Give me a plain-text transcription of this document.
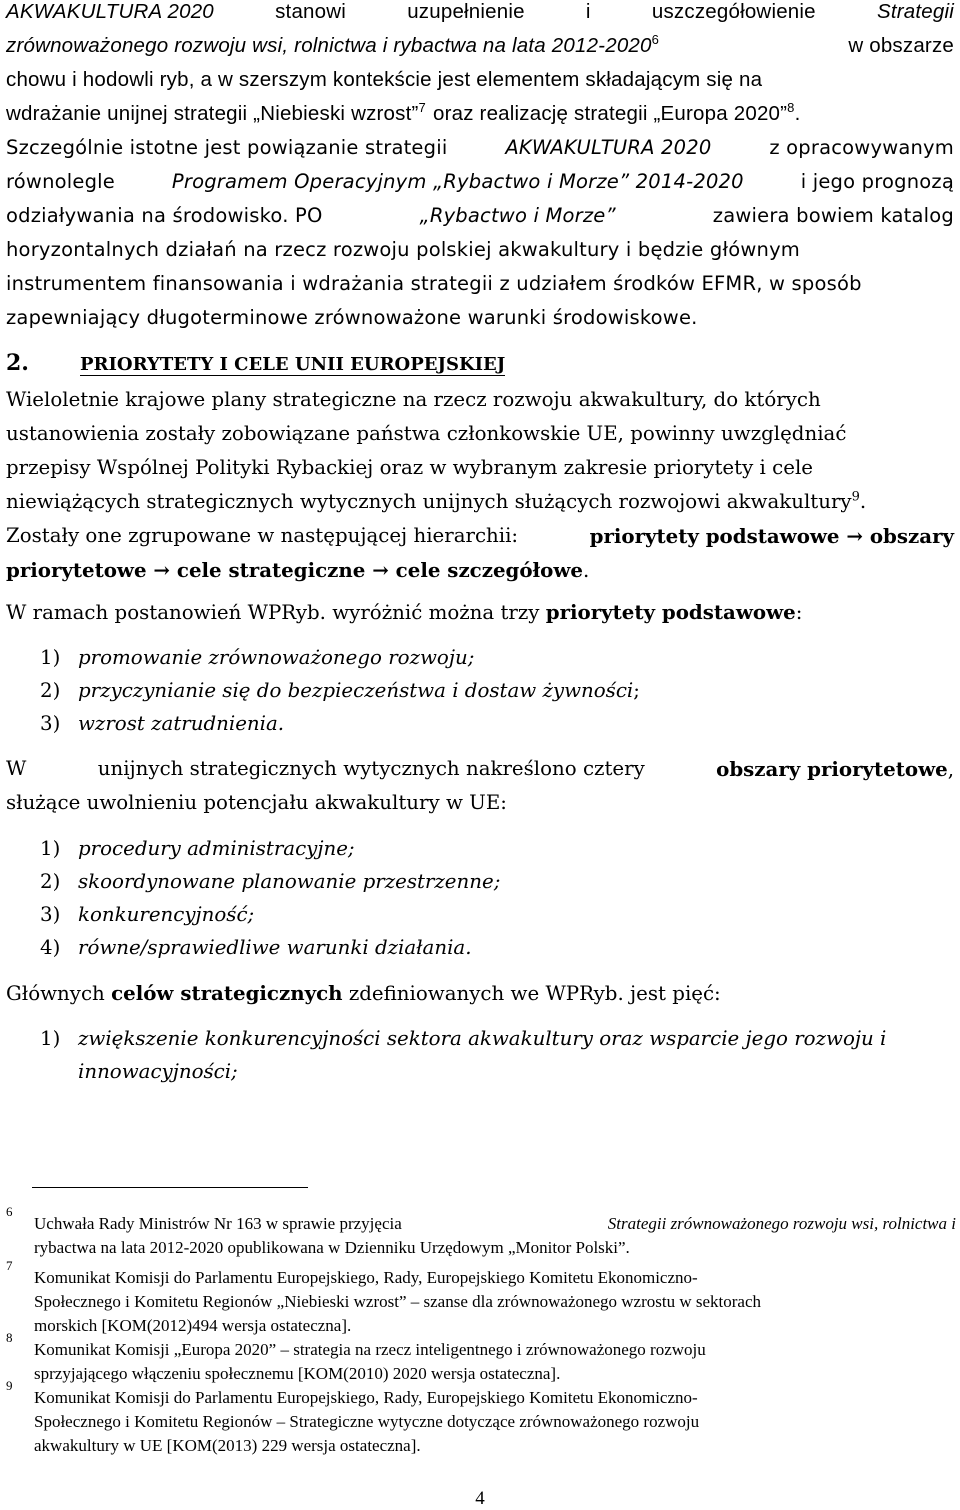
AKWAKULTURA 2020	stanowi	uzupełnienie	i	uszczegółowienie	Strategii
zrównoważonego rozwoju wsi, rolnictwa i rybactwa na lata 2012-2020$^6$	w obszarze
chowu i hodowli ryb, a w szerszym kontekście jest elementem składającym się na
wdrażanie unijnej strategii „Niebieski wzrost”$^7$ oraz realizację strategii „Europa 2020”$^8$.
Szczególnie istotne jest powiązanie strategii	AKWAKULTURA 2020	z opracowywanym
równolegle	Programem Operacyjnym „Rybactwo i Morze” 2014-2020	i jego prognozą
odziaływania na środowisko. PO	„Rybactwo i Morze”	zawiera bowiem katalog
horyzontalnych działań na rzecz rozwoju polskiej akwakultury i będzie głównym
instrumentem finansowania i wdrażania strategii z udziałem środków EFMR, w sposób
zapewniający długoterminowe zrównoważone warunki środowiskowe.
2.	PRIORYTETY I CELE UNII EUROPEJSKIEJ
Wieloletnie krajowe plany strategiczne na rzecz rozwoju akwakultury, do których
ustanowienia zostały zobowiązane państwa członkowskie UE, powinny uwzględniać
przepisy Wspólnej Polityki Rybackiej oraz w wybranym zakresie priorytety i cele
niewiążących strategicznych wytycznych unijnych służących rozwojowi akwakultury$^9$.
Zostały one zgrupowane w następującej hierarchii:	priorytety podstawowe → obszary
priorytetowe → cele strategiczne → cele szczegółowe.
W ramach postanowień WPRyb. wyróżnić można trzy priorytety podstawowe:
1) promowanie zrównoważonego rozwoju;
2) przyczynianie się do bezpieczeństwa i dostaw żywności;
3) wzrost zatrudnienia.
W	unijnych strategicznych wytycznych nakreślono cztery	obszary priorytetowe,
służące uwolnieniu potencjału akwakultury w UE:
1) procedury administracyjne;
2) skoordynowane planowanie przestrzenne;
3) konkurencyjność;
4) równe/sprawiedliwe warunki działania.
Głównych celów strategicznych zdefiniowanych we WPRyb. jest pięć:
1) zwiększenie konkurencyjności sektora akwakultury oraz wsparcie jego rozwoju i
innowacyjności;
6
Uchwała Rady Ministrów Nr 163 w sprawie przyjęcia	Strategii zrównoważonego rozwoju wsi, rolnictwa i
rybactwa na lata 2012-2020 opublikowana w Dzienniku Urzędowym „Monitor Polski”.
7
Komunikat Komisji do Parlamentu Europejskiego, Rady, Europejskiego Komitetu Ekonomiczno-
Społecznego i Komitetu Regionów „Niebieski wzrost” – szanse dla zrównoważonego wzrostu w sektorach
morskich [KOM(2012)494 wersja ostateczna].
8
Komunikat Komisji „Europa 2020” – strategia na rzecz inteligentnego i zrównoważonego rozwoju
sprzyjającego włączeniu społecznemu [KOM(2010) 2020 wersja ostateczna].
9
Komunikat Komisji do Parlamentu Europejskiego, Rady, Europejskiego Komitetu Ekonomiczno-
Społecznego i Komitetu Regionów – Strategiczne wytyczne dotyczące zrównoważonego rozwoju
akwakultury w UE [KOM(2013) 229 wersja ostateczna].
4
